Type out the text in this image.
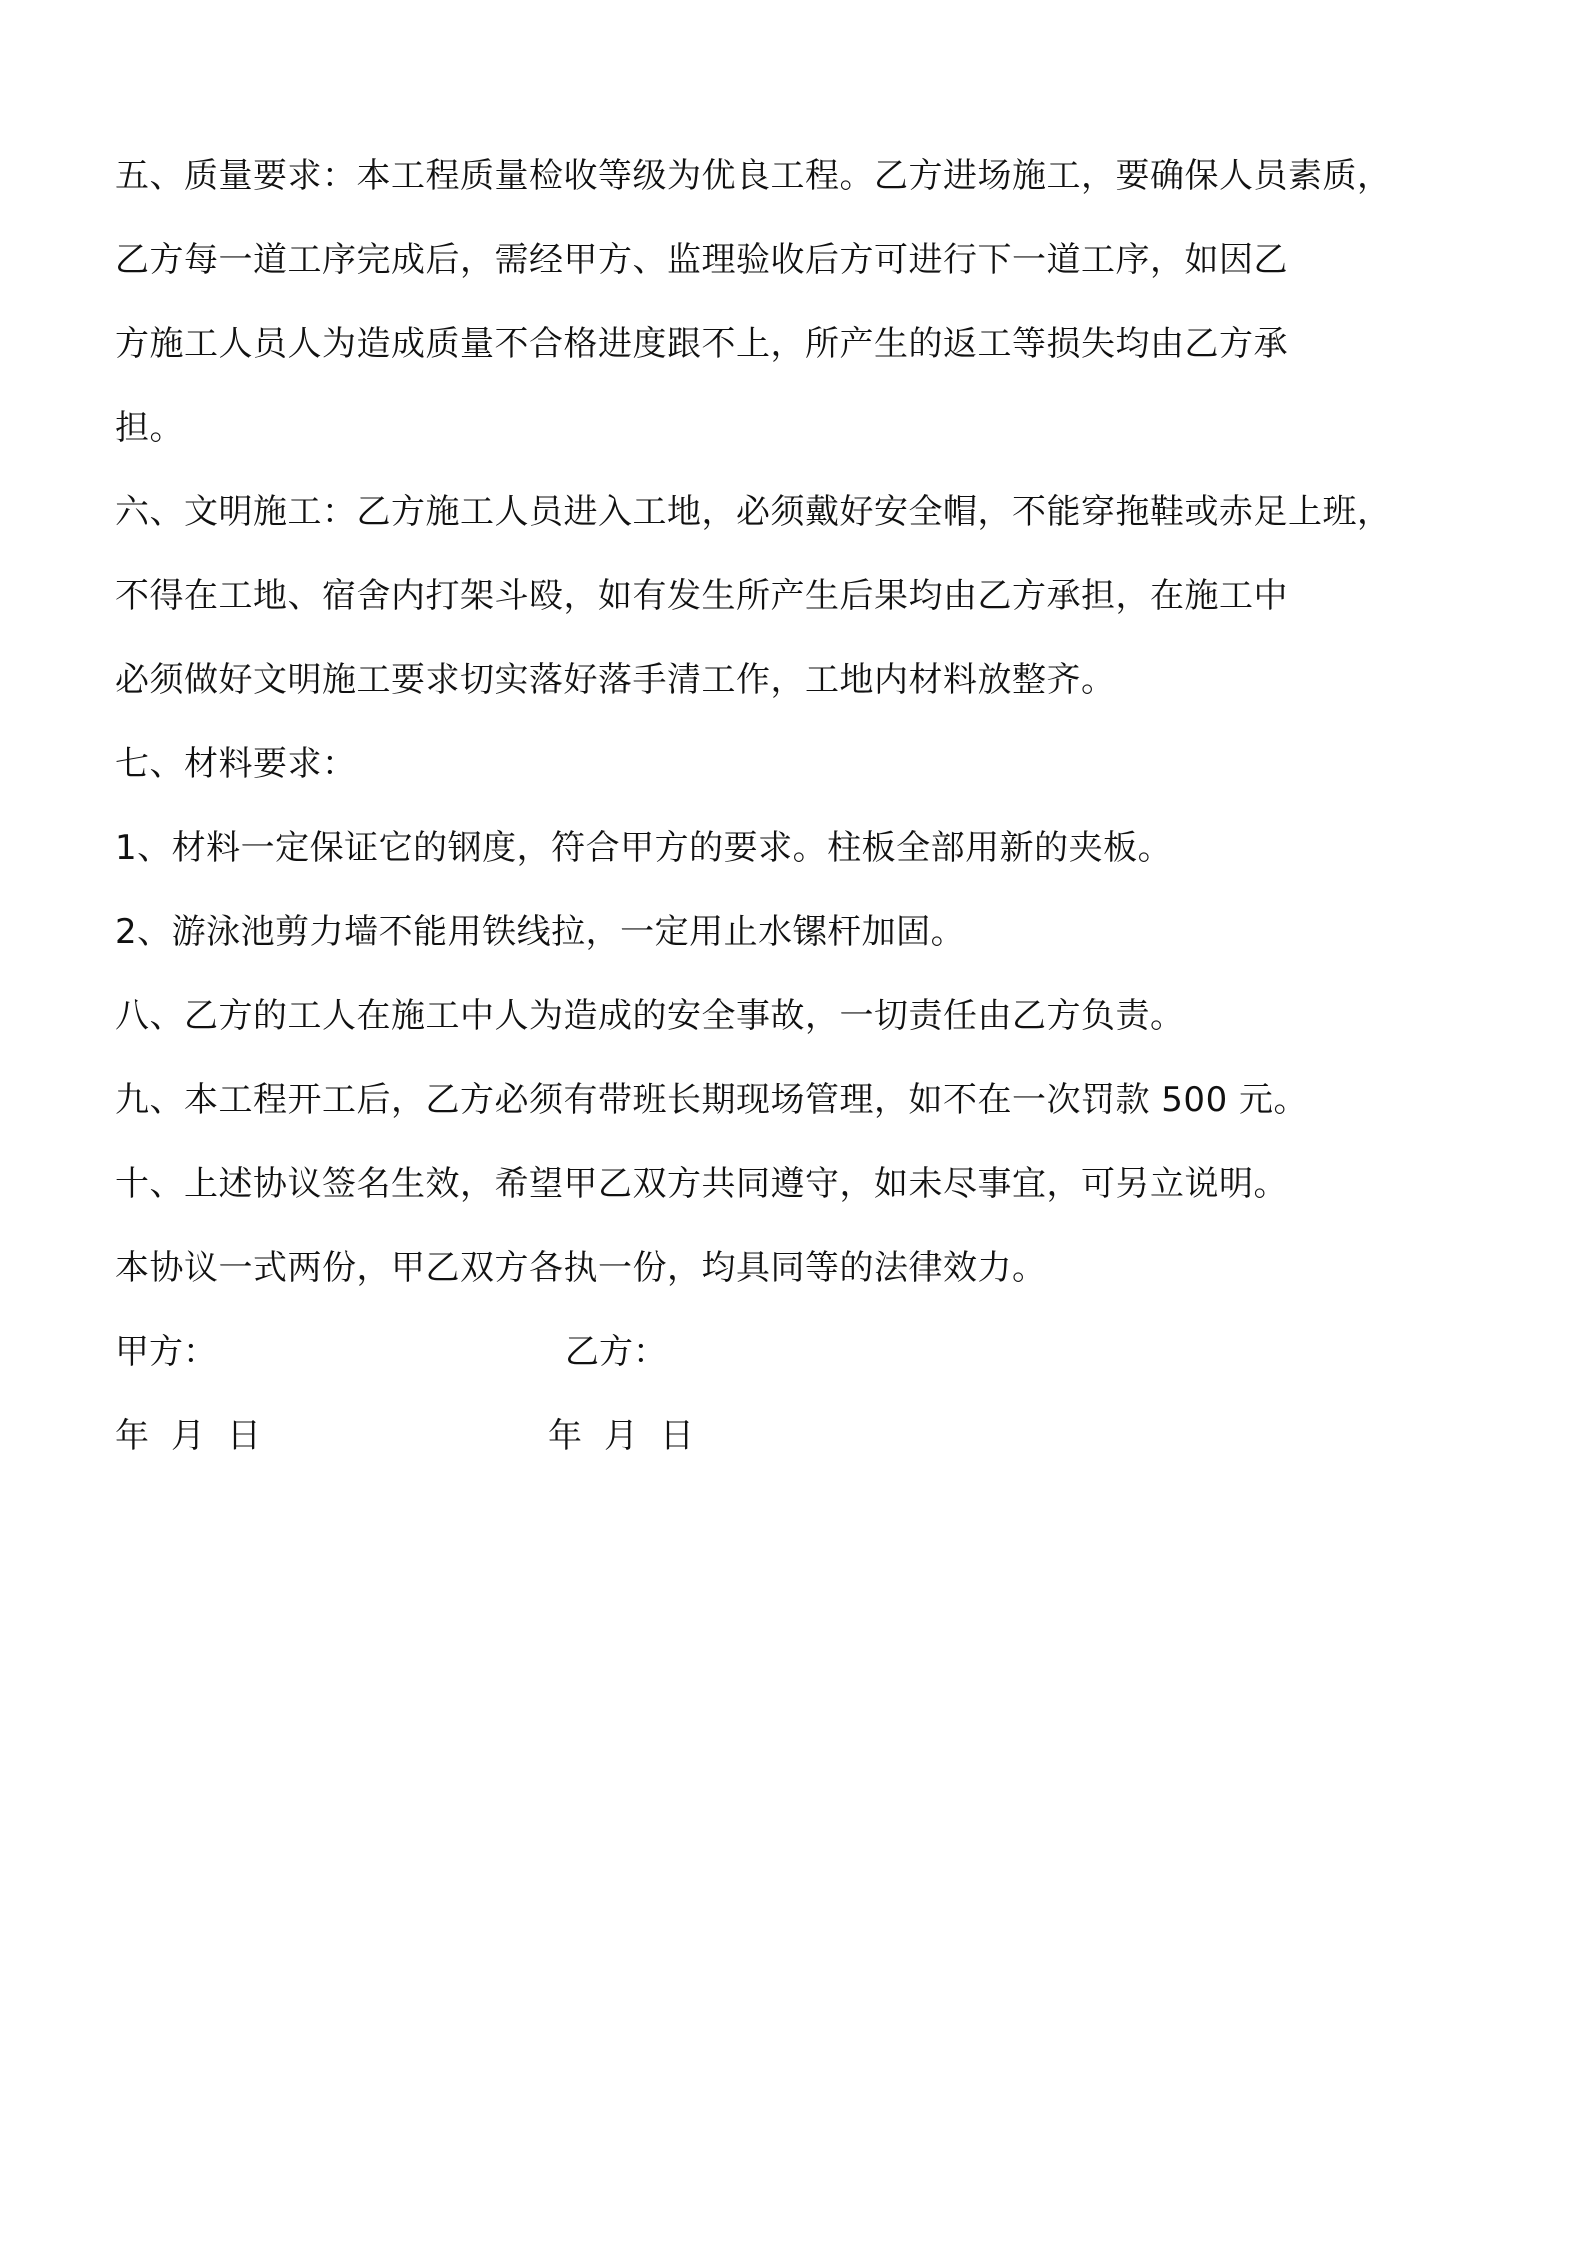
五、质量要求：本工程质量检收等级为优良工程。乙方进场施工，要确保人员素质，
乙方每一道工序完成后，需经甲方、监理验收后方可进行下一道工序，如因乙
方施工人员人为造成质量不合格进度跟不上，所产生的返工等损失均由乙方承
担。
六、文明施工：乙方施工人员进入工地，必须戴好安全帽，不能穿拖鞋或赤足上班，
不得在工地、宿舍内打架斗殴，如有发生所产生后果均由乙方承担，在施工中
必须做好文明施工要求切实落好落手清工作，工地内材料放整齐。
七、材料要求：
1、材料一定保证它的钢度，符合甲方的要求。柱板全部用新的夹板。
2、游泳池剪力墙不能用铁线拉，一定用止水镙杆加固。
八、乙方的工人在施工中人为造成的安全事故，一切责任由乙方负责。
九、本工程开工后，乙方必须有带班长期现场管理，如不在一次罚款 500 元。
十、上述协议签名生效，希望甲乙双方共同遵守，如未尽事宜，可另立说明。
本协议一式两份，甲乙双方各执一份，均具同等的法律效力。
甲方：	乙方：
年 月 日	年 月 日
